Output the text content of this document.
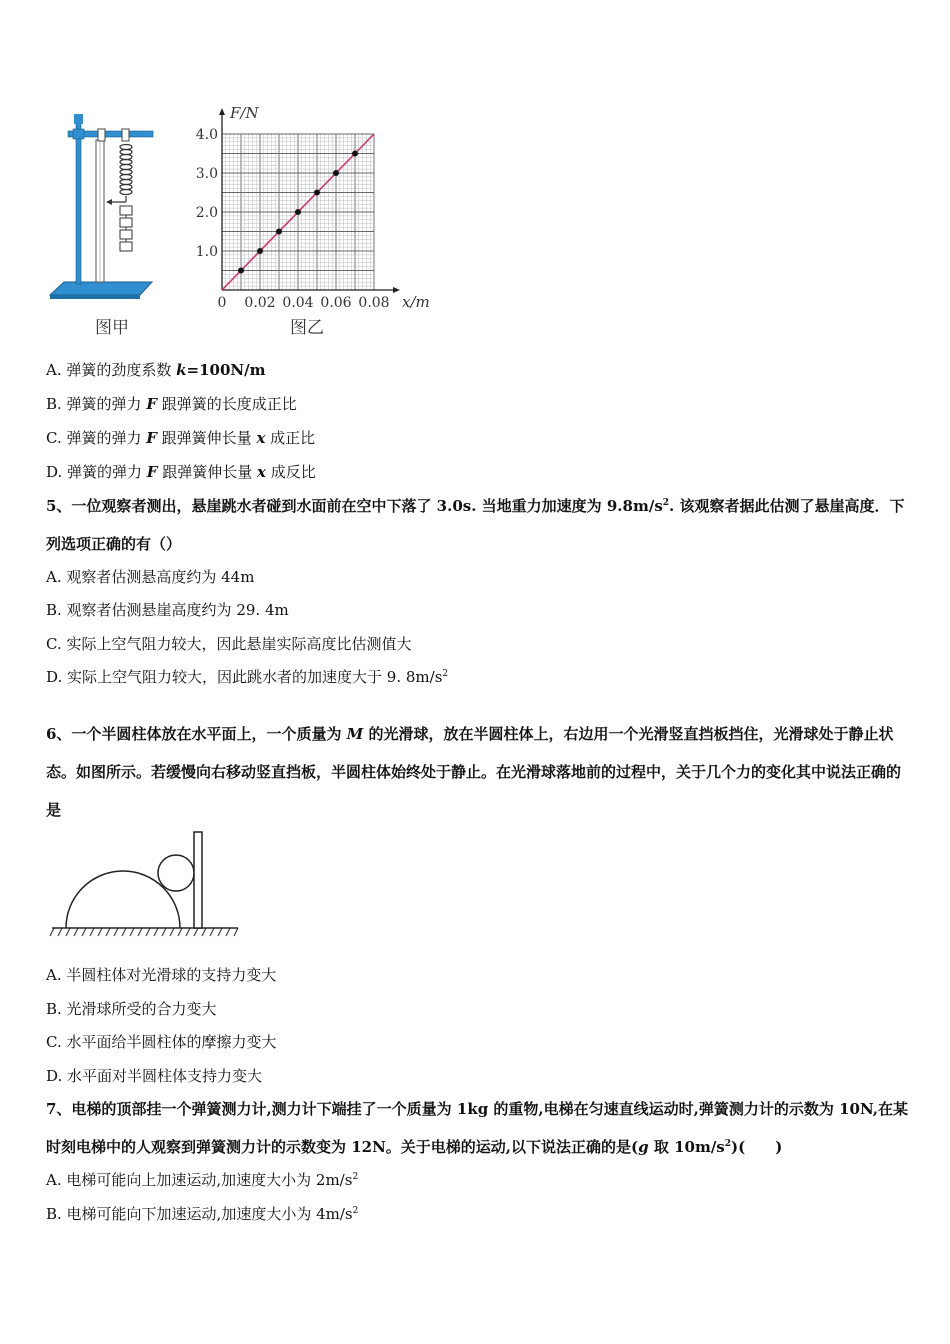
图甲
0 0.02 0.04 0.06 0.08
1.0
2.0
3.0
4.0
x/m
F/N
图乙
A. 弹簧的劲度系数 k=100N/m
B. 弹簧的弹力 F 跟弹簧的长度成正比
C. 弹簧的弹力 F 跟弹簧伸长量 x 成正比
D. 弹簧的弹力 F 跟弹簧伸长量 x 成反比
5、一位观察者测出，悬崖跳水者碰到水面前在空中下落了 3.0s. 当地重力加速度为 $9.8m/s^2$. 该观察者据此估测了悬崖高度．下列选项正确的有（）
A. 观察者估测悬高度约为 44m
B. 观察者估测悬崖高度约为 29. 4m
C. 实际上空气阻力较大，因此悬崖实际高度比估测值大
D. 实际上空气阻力较大，因此跳水者的加速度大于 9. $8m/s^2$
6、一个半圆柱体放在水平面上，一个质量为 M 的光滑球，放在半圆柱体上，右边用一个光滑竖直挡板挡住，光滑球处于静止状态。如图所示。若缓慢向右移动竖直挡板，半圆柱体始终处于静止。在光滑球落地前的过程中，关于几个力的变化其中说法正确的是
A. 半圆柱体对光滑球的支持力变大
B. 光滑球所受的合力变大
C. 水平面给半圆柱体的摩擦力变大
D. 水平面对半圆柱体支持力变大
7、电梯的顶部挂一个弹簧测力计,测力计下端挂了一个质量为 1kg 的重物,电梯在匀速直线运动时,弹簧测力计的示数为 10N,在某时刻电梯中的人观察到弹簧测力计的示数变为 12N。关于电梯的运动,以下说法正确的是(g 取 $10m/s^2$)(　　)
A. 电梯可能向上加速运动,加速度大小为 $2m/s^2$
B. 电梯可能向下加速运动,加速度大小为 $4m/s^2$
